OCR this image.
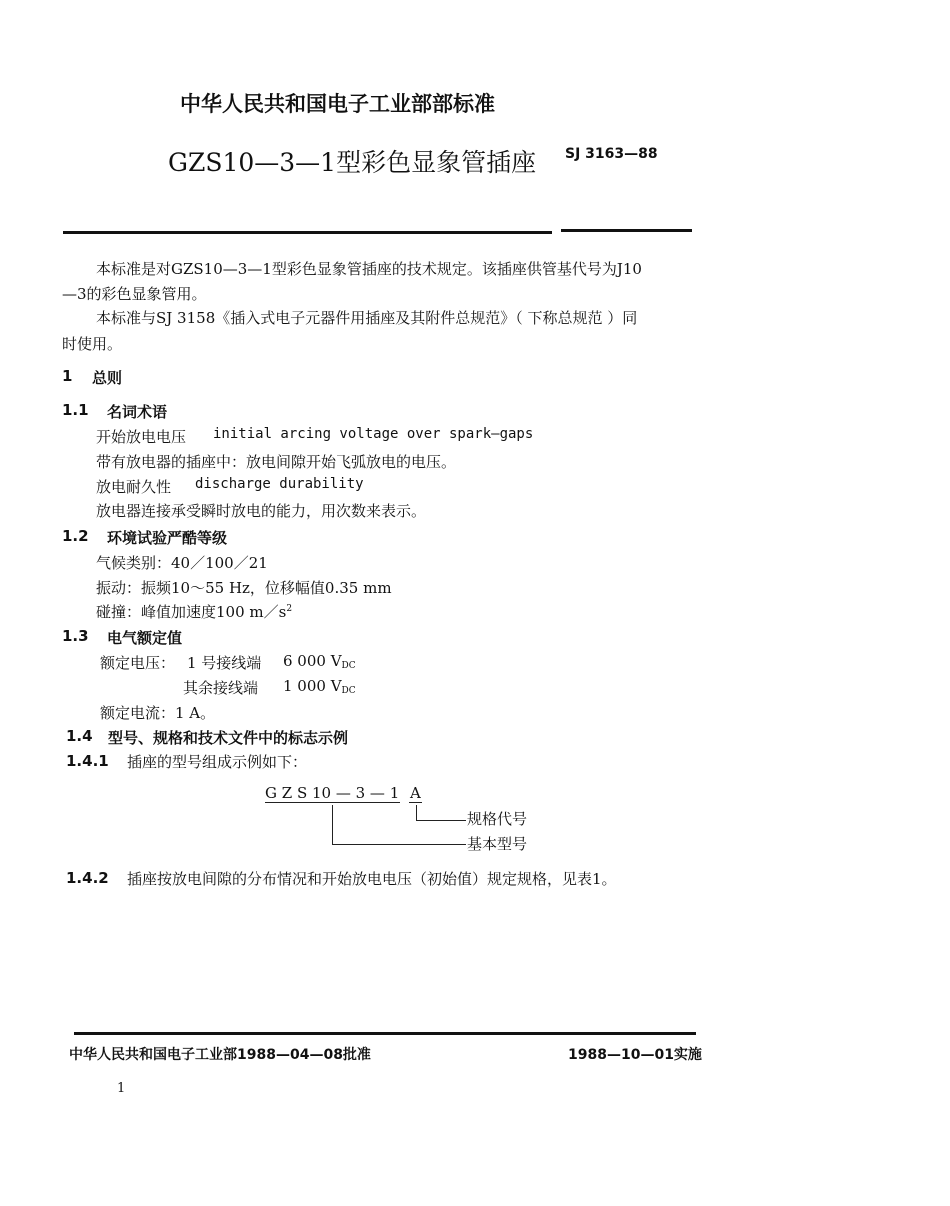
中华人民共和国电子工业部部标准
GZS10—3—1型彩色显象管插座 SJ 3163—88
本标准是对GZS10—3—1型彩色显象管插座的技术规定。该插座供管基代号为J10
—3的彩色显象管用。
本标准与SJ 3158《插入式电子元器件用插座及其附件总规范》（ 下称总规范 ）同
时使用。
1 总则
1.1 名词术语
开始放电电压 initial arcing voltage over spark—gaps
带有放电器的插座中：放电间隙开始飞弧放电的电压。
放电耐久性 discharge durability
放电器连接承受瞬时放电的能力，用次数来表示。
1.2 环境试验严酷等级
气候类别：40／100／21
振动：振频10～55 Hz，位移幅值0.35 mm
碰撞：峰值加速度100 $m/s^2$
1.3 电气额定值
额定电压： 1 号接线端 6 000 $V_{DC}$
其余接线端 1 000 $V_{DC}$
额定电流：1 A。
1.4 型号、规格和技术文件中的标志示例
1.4.1 插座的型号组成示例如下：
G Z S 10 — 3 — 1 A
规格代号
基本型号
1.4.2 插座按放电间隙的分布情况和开始放电电压（初始值）规定规格，见表1。
中华人民共和国电子工业部1988—04—08批准	1988—10—01实施
1
